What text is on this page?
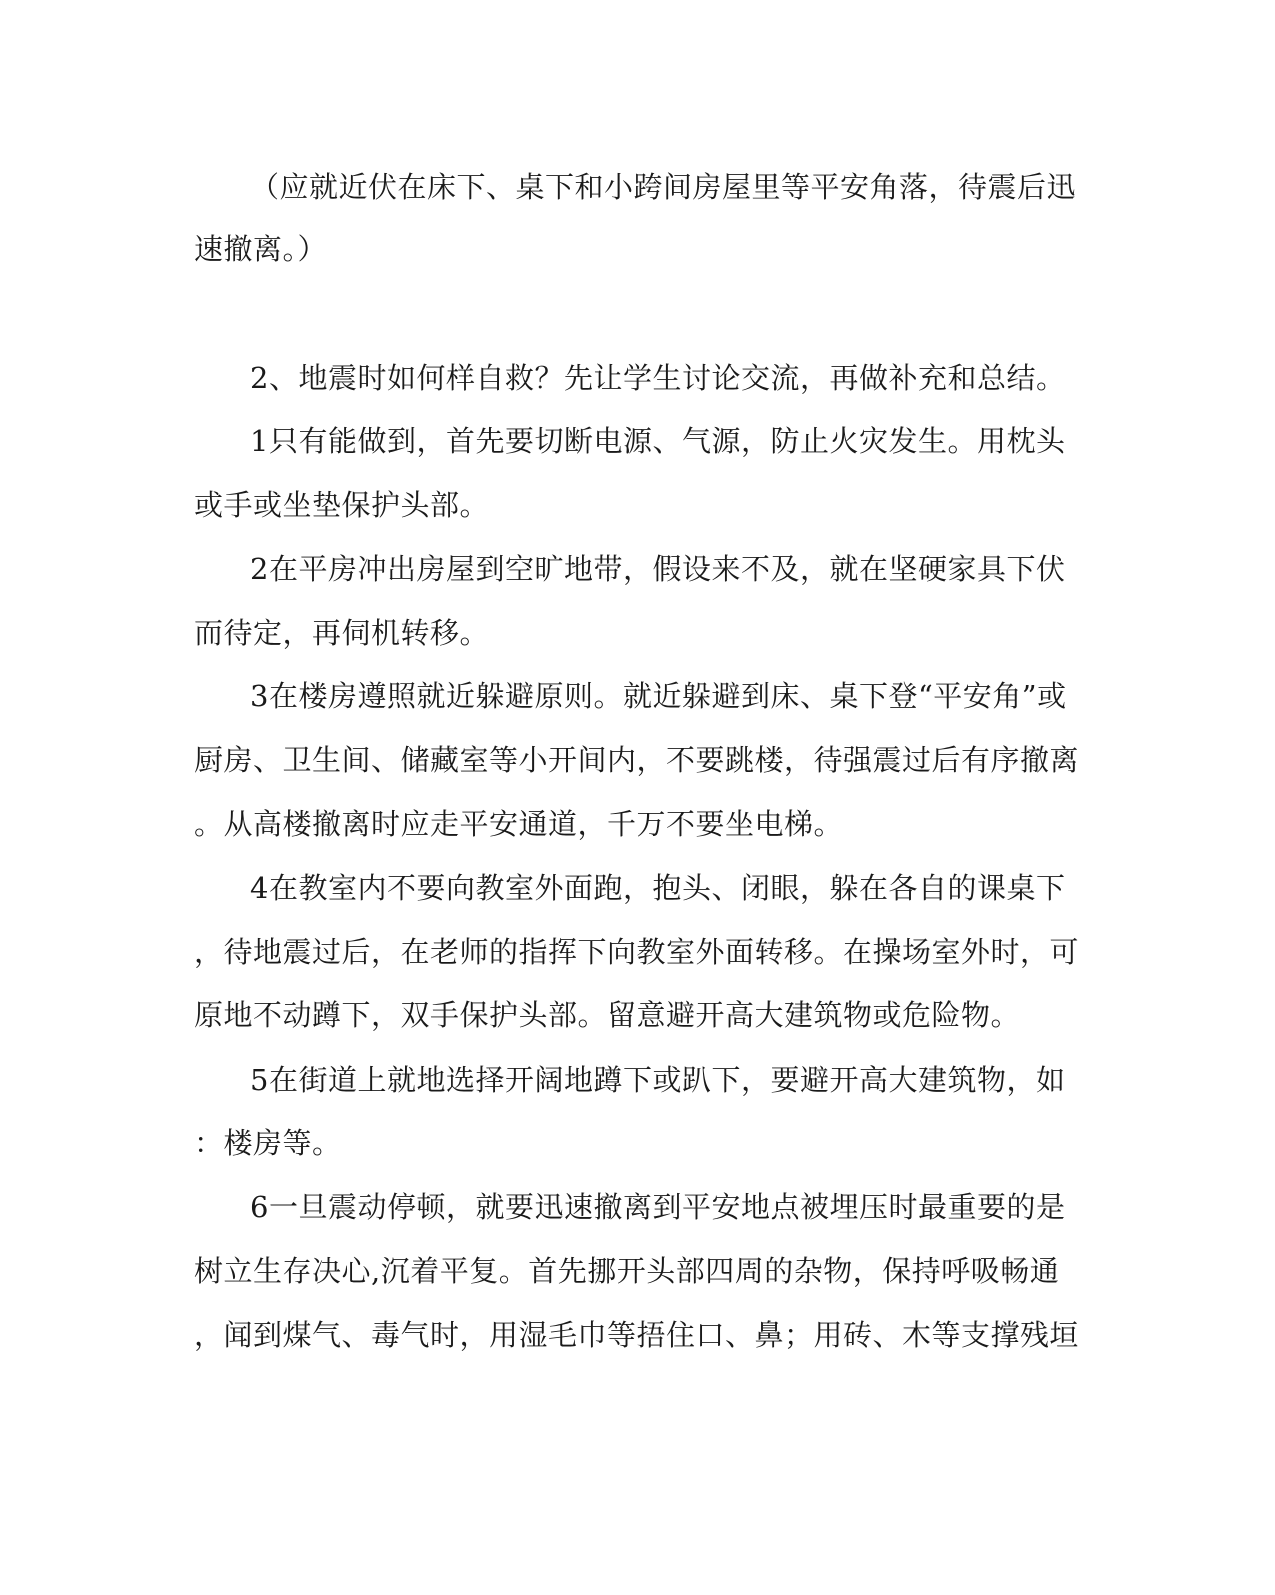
（应就近伏在床下、桌下和小跨间房屋里等平安角落，待震后迅
速撤离。）
2、地震时如何样自救？先让学生讨论交流，再做补充和总结。
1只有能做到，首先要切断电源、气源，防止火灾发生。用枕头
或手或坐垫保护头部。
2在平房冲出房屋到空旷地带，假设来不及，就在坚硬家具下伏
而待定，再伺机转移。
3在楼房遵照就近躲避原则。就近躲避到床、桌下登“平安角”或
厨房、卫生间、储藏室等小开间内，不要跳楼，待强震过后有序撤离
。从高楼撤离时应走平安通道，千万不要坐电梯。
4在教室内不要向教室外面跑，抱头、闭眼，躲在各自的课桌下
，待地震过后，在老师的指挥下向教室外面转移。在操场室外时，可
原地不动蹲下，双手保护头部。留意避开高大建筑物或危险物。
5在街道上就地选择开阔地蹲下或趴下，要避开高大建筑物，如
：楼房等。
6一旦震动停顿，就要迅速撤离到平安地点被埋压时最重要的是
树立生存决心,沉着平复。首先挪开头部四周的杂物，保持呼吸畅通
，闻到煤气、毒气时，用湿毛巾等捂住口、鼻；用砖、木等支撑残垣
